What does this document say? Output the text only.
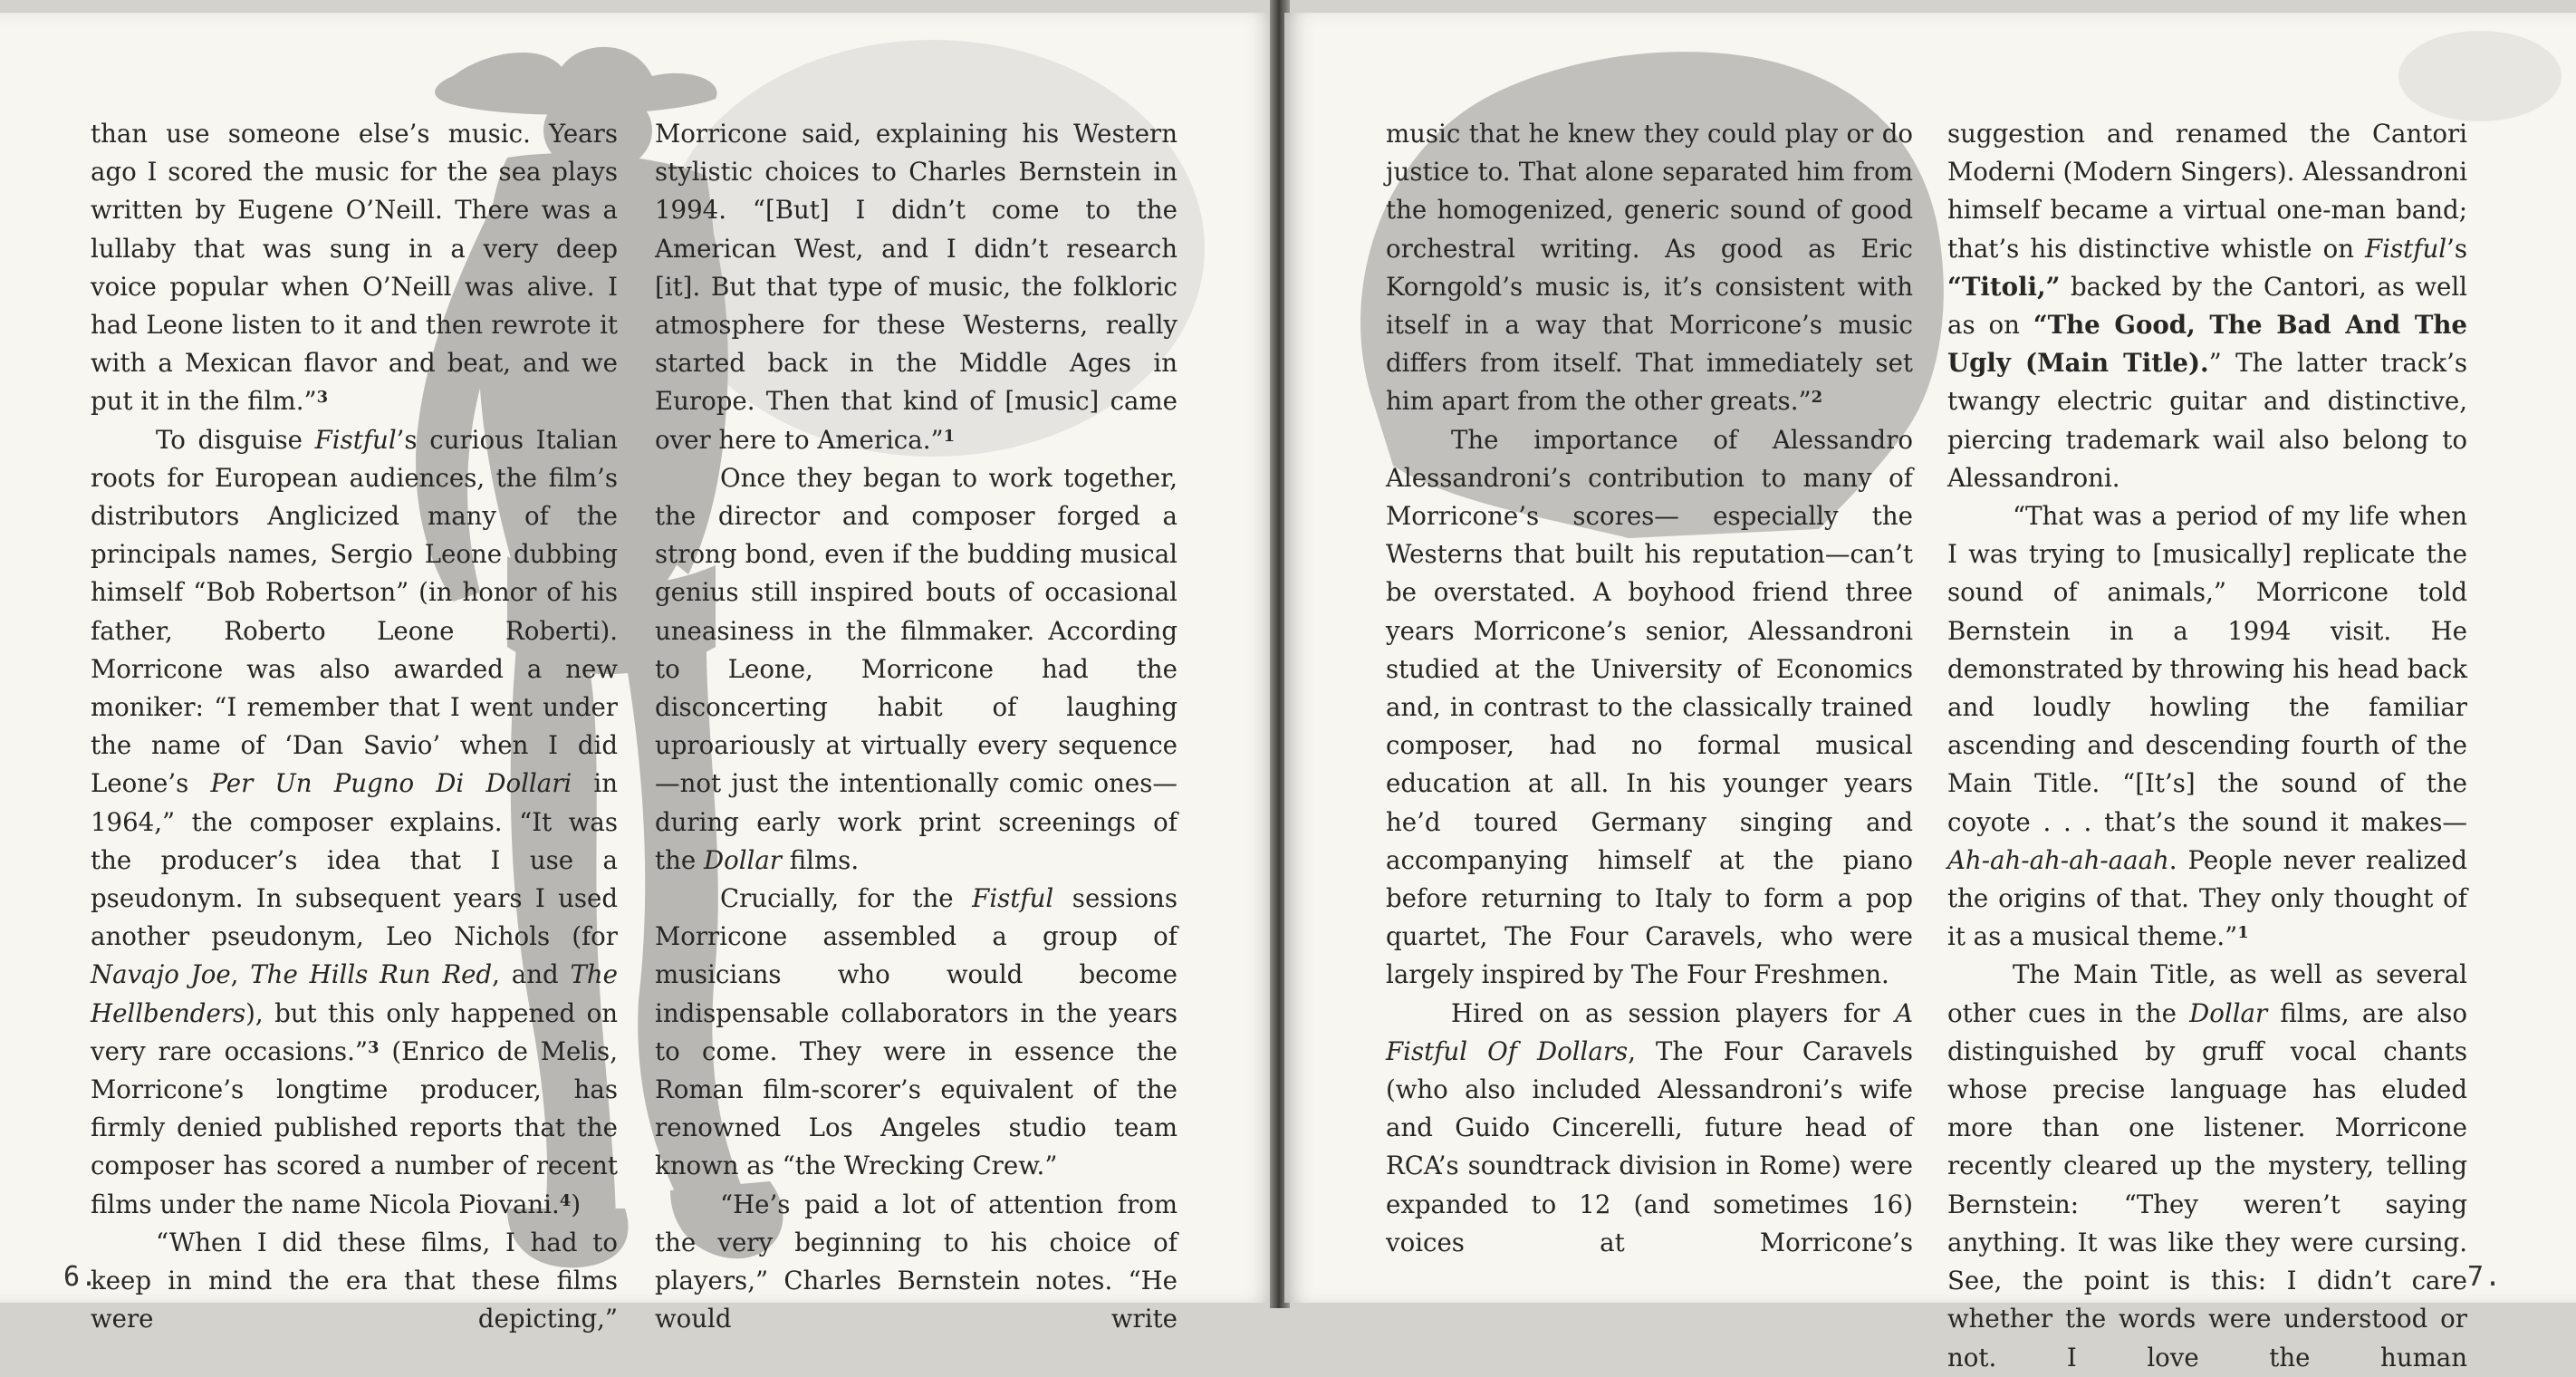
than use someone else’s music. Years ago I scored the music for the sea plays written by Eugene O’Neill. There was a lullaby that was sung in a very deep voice popular when O’Neill was alive. I had Leone listen to it and then rewrote it with a Mexican flavor and beat, and we put it in the film.”$^3$

To disguise Fistful’s curious Italian roots for European audiences, the film’s distributors Anglicized many of the principals names, Sergio Leone dubbing himself “Bob Robertson” (in honor of his father, Roberto Leone Roberti). Morricone was also awarded a new moniker: “I remember that I went under the name of ‘Dan Savio’ when I did Leone’s Per Un Pugno Di Dollari in 1964,” the composer explains. “It was the producer’s idea that I use a pseudonym. In subsequent years I used another pseudonym, Leo Nichols (for Navajo Joe, The Hills Run Red, and The Hellbenders), but this only happened on very rare occasions.”$^3$ (Enrico de Melis, Morricone’s longtime producer, has firmly denied published reports that the composer has scored a number of recent films under the name Nicola Piovani.$^4$)

“When I did these films, I had to keep in mind the era that these films were depicting,”

Morricone said, explaining his Western stylistic choices to Charles Bernstein in 1994. “[But] I didn’t come to the American West, and I didn’t research [it]. But that type of music, the folkloric atmosphere for these Westerns, really started back in the Middle Ages in Europe. Then that kind of [music] came over here to America.”$^1$

Once they began to work together, the director and composer forged a strong bond, even if the budding musical genius still inspired bouts of occasional uneasiness in the filmmaker. According to Leone, Morricone had the disconcerting habit of laughing uproariously at virtually every sequence—not just the intentionally comic ones—during early work print screenings of the Dollar films.

Crucially, for the Fistful sessions Morricone assembled a group of musicians who would become indispensable collaborators in the years to come. They were in essence the Roman film-scorer’s equivalent of the renowned Los Angeles studio team known as “the Wrecking Crew.”

“He’s paid a lot of attention from the very beginning to his choice of players,” Charles Bernstein notes. “He would write

6.

music that he knew they could play or do justice to. That alone separated him from the homogenized, generic sound of good orchestral writing. As good as Eric Korngold’s music is, it’s consistent with itself in a way that Morricone’s music differs from itself. That immediately set him apart from the other greats.”$^2$

The importance of Alessandro Alessandroni’s contribution to many of Morricone’s scores— especially the Westerns that built his reputation—can’t be overstated. A boyhood friend three years Morricone’s senior, Alessandroni studied at the University of Economics and, in contrast to the classically trained composer, had no formal musical education at all. In his younger years he’d toured Germany singing and accompanying himself at the piano before returning to Italy to form a pop quartet, The Four Caravels, who were largely inspired by The Four Freshmen.

Hired on as session players for A Fistful Of Dollars, The Four Caravels (who also included Alessandroni’s wife and Guido Cincerelli, future head of RCA’s soundtrack division in Rome) were expanded to 12 (and sometimes 16) voices at Morricone’s

suggestion and renamed the Cantori Moderni (Modern Singers). Alessandroni himself became a virtual one-man band; that’s his distinctive whistle on Fistful’s “Titoli,” backed by the Cantori, as well as on “The Good, The Bad And The Ugly (Main Title).” The latter track’s twangy electric guitar and distinctive, piercing trademark wail also belong to Alessandroni.

“That was a period of my life when I was trying to [musically] replicate the sound of animals,” Morricone told Bernstein in a 1994 visit. He demonstrated by throwing his head back and loudly howling the familiar ascending and descending fourth of the Main Title. “[It’s] the sound of the coyote . . . that’s the sound it makes—Ah-ah-ah-ah-aaah. People never realized the origins of that. They only thought of it as a musical theme.”$^1$

The Main Title, as well as several other cues in the Dollar films, are also distinguished by gruff vocal chants whose precise language has eluded more than one listener. Morricone recently cleared up the mystery, telling Bernstein: “They weren’t saying anything. It was like they were cursing. See, the point is this: I didn’t care whether the words were understood or not. I love the human

7.
